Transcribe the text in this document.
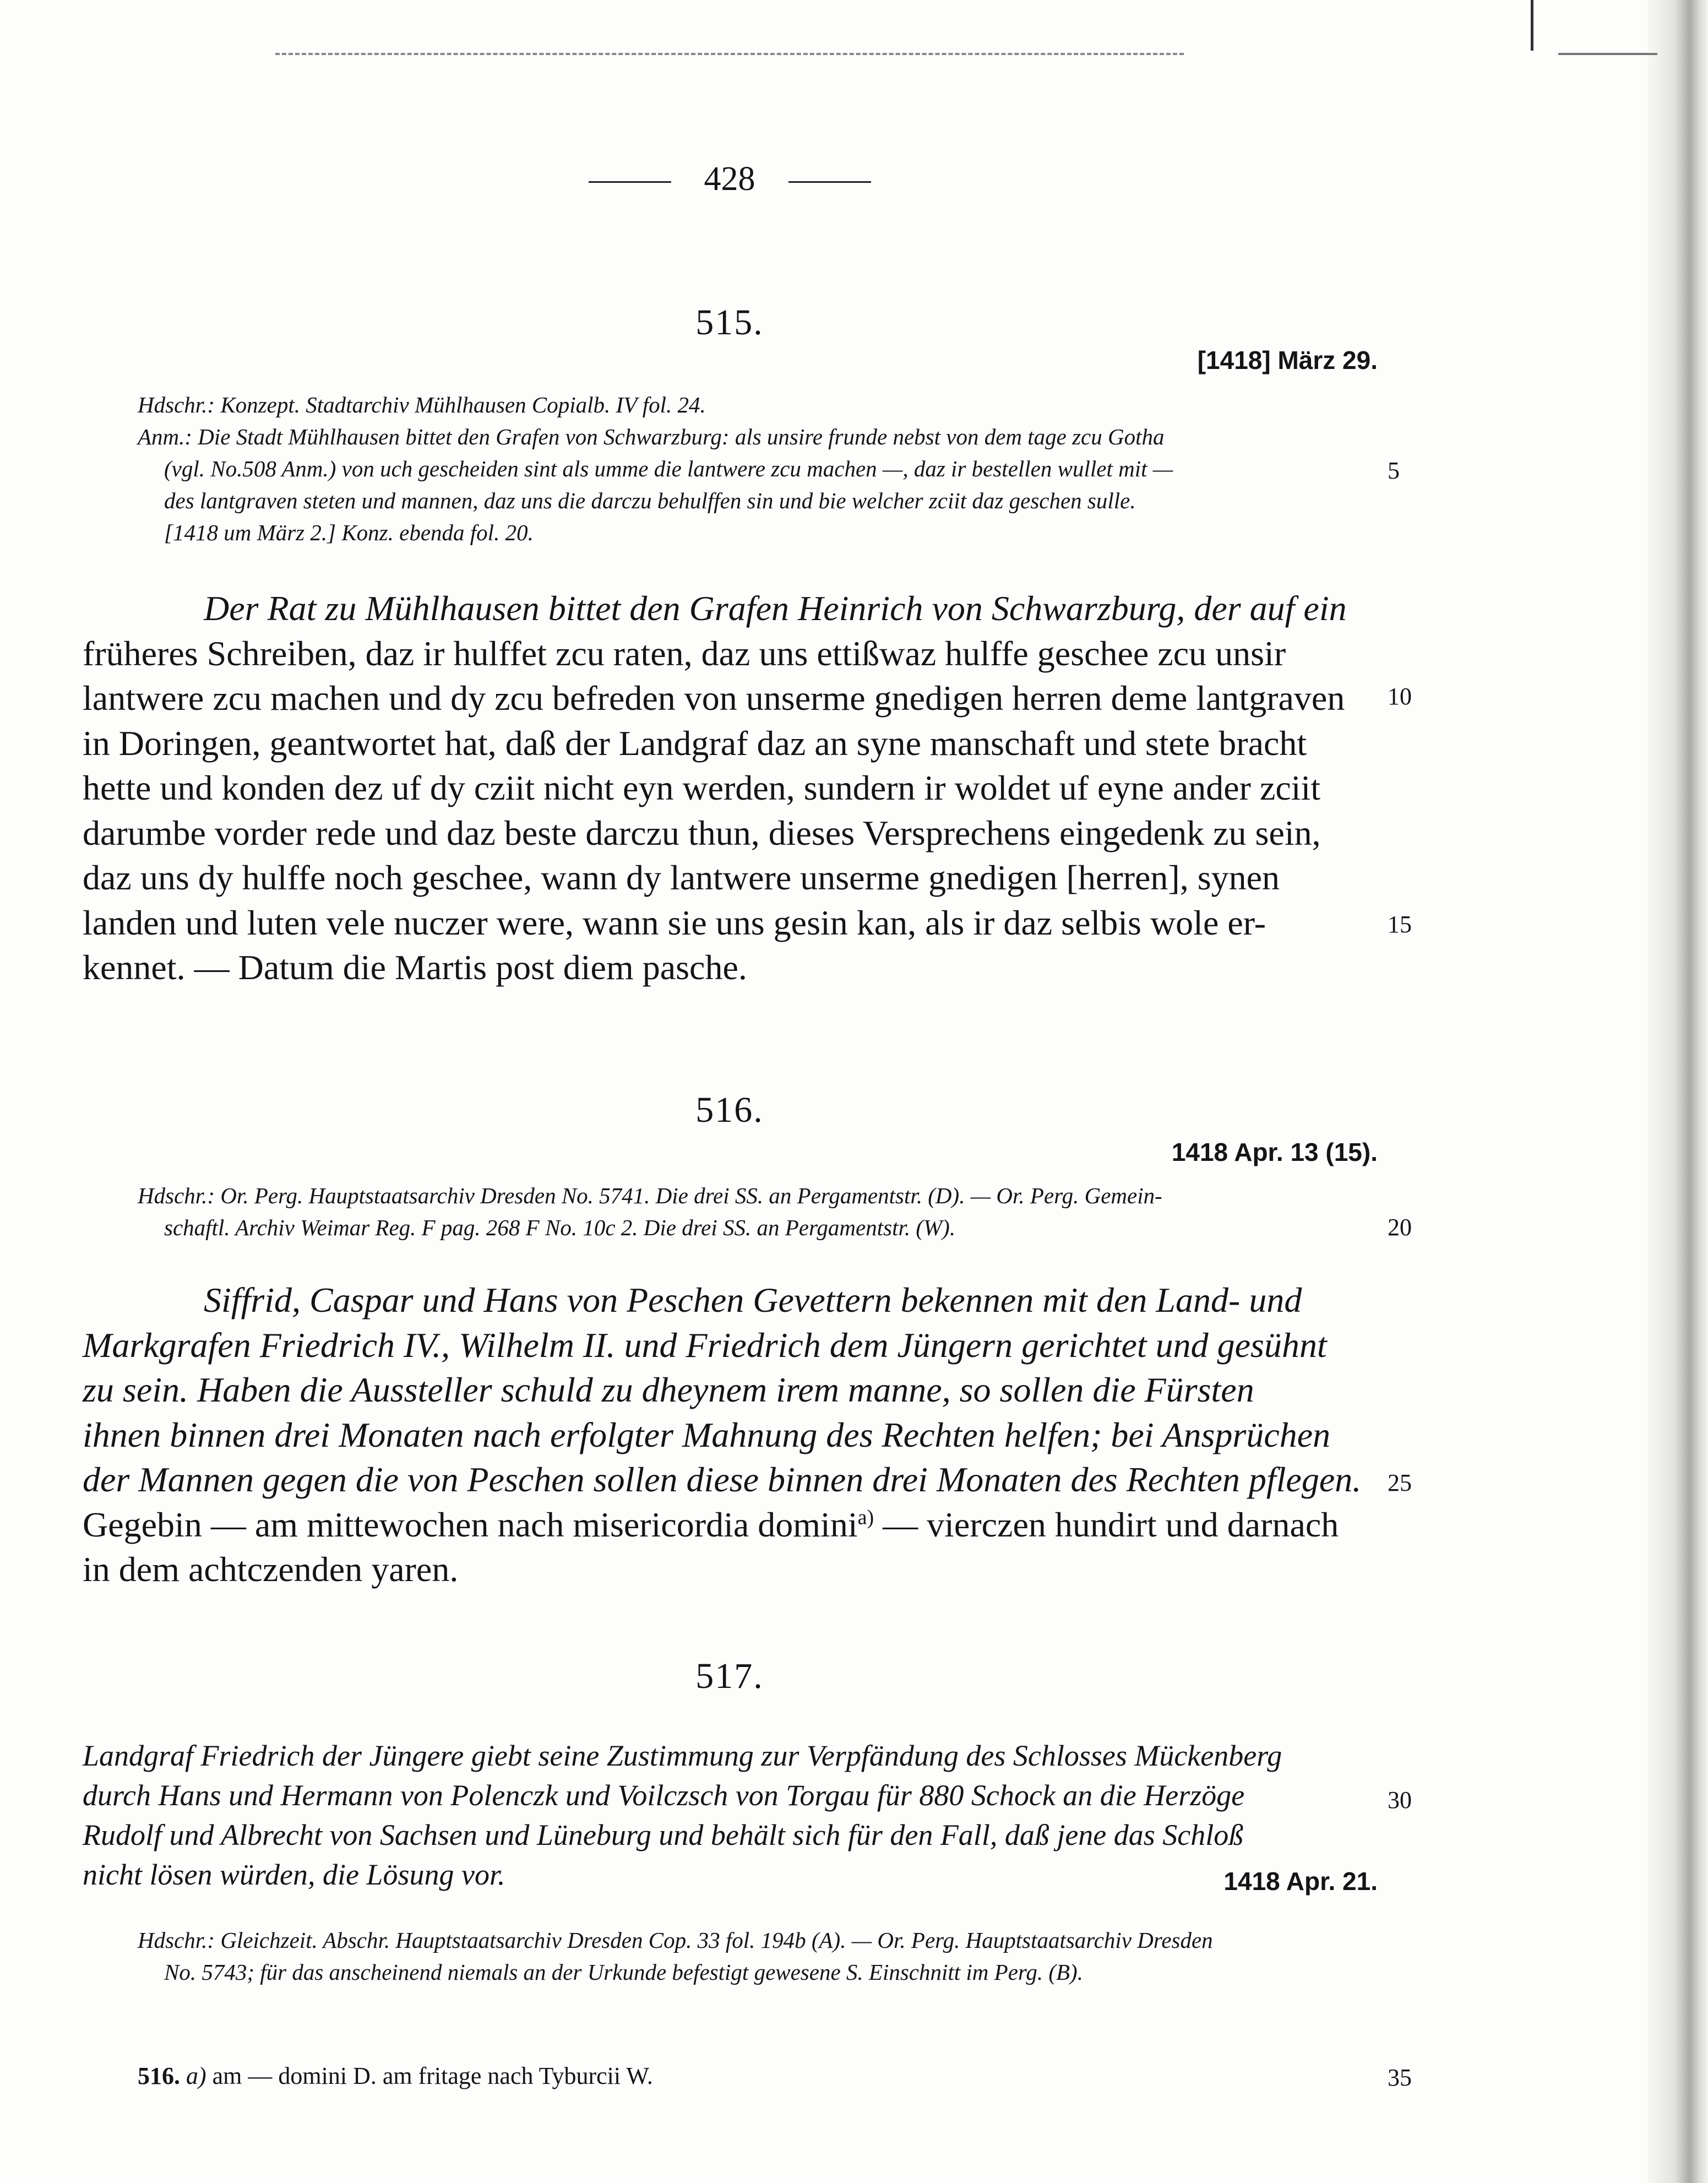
428
515.
[1418] März 29.
Hdschr.: Konzept. Stadtarchiv Mühlhausen Copialb. IV fol. 24.
Anm.: Die Stadt Mühlhausen bittet den Grafen von Schwarzburg: als unsire frunde nebst von dem tage zcu Gotha
(vgl. No.508 Anm.) von uch gescheiden sint als umme die lantwere zcu machen —, daz ir bestellen wullet mit —
des lantgraven steten und mannen, daz uns die darczu behulffen sin und bie welcher zciit daz geschen sulle.
[1418 um März 2.] Konz. ebenda fol. 20.
5
Der Rat zu Mühlhausen bittet den Grafen Heinrich von Schwarzburg, der auf ein
früheres Schreiben, daz ir hulffet zcu raten, daz uns ettißwaz hulffe geschee zcu unsir
lantwere zcu machen und dy zcu befreden von unserme gnedigen herren deme lantgraven
in Doringen, geantwortet hat, daß der Landgraf daz an syne manschaft und stete bracht
hette und konden dez uf dy cziit nicht eyn werden, sundern ir woldet uf eyne ander zciit
darumbe vorder rede und daz beste darczu thun, dieses Versprechens eingedenk zu sein,
daz uns dy hulffe noch geschee, wann dy lantwere unserme gnedigen [herren], synen
landen und luten vele nuczer were, wann sie uns gesin kan, als ir daz selbis wole er-
kennet. — Datum die Martis post diem pasche.
10
15
516.
1418 Apr. 13 (15).
Hdschr.: Or. Perg. Hauptstaatsarchiv Dresden No. 5741. Die drei SS. an Pergamentstr. (D). — Or. Perg. Gemein-
schaftl. Archiv Weimar Reg. F pag. 268 F No. 10c 2. Die drei SS. an Pergamentstr. (W).	20
Siffrid, Caspar und Hans von Peschen Gevettern bekennen mit den Land- und
Markgrafen Friedrich IV., Wilhelm II. und Friedrich dem Jüngern gerichtet und gesühnt
zu sein. Haben die Aussteller schuld zu dheynem irem manne, so sollen die Fürsten
ihnen binnen drei Monaten nach erfolgter Mahnung des Rechten helfen; bei Ansprüchen
der Mannen gegen die von Peschen sollen diese binnen drei Monaten des Rechten pflegen.
Gegebin — am mittewochen nach misericordia domini$^{a)}$ — vierczen hundirt und darnach
in dem achtczenden yaren.
25
517.
Landgraf Friedrich der Jüngere giebt seine Zustimmung zur Verpfändung des Schlosses Mückenberg
durch Hans und Hermann von Polenczk und Voilczsch von Torgau für 880 Schock an die Herzöge
Rudolf und Albrecht von Sachsen und Lüneburg und behält sich für den Fall, daß jene das Schloß
nicht lösen würden, die Lösung vor.	1418 Apr. 21.
30
Hdschr.: Gleichzeit. Abschr. Hauptstaatsarchiv Dresden Cop. 33 fol. 194b (A). — Or. Perg. Hauptstaatsarchiv Dresden
No. 5743; für das anscheinend niemals an der Urkunde befestigt gewesene S. Einschnitt im Perg. (B).
516. a) am — domini D. am fritage nach Tyburcii W.	35
